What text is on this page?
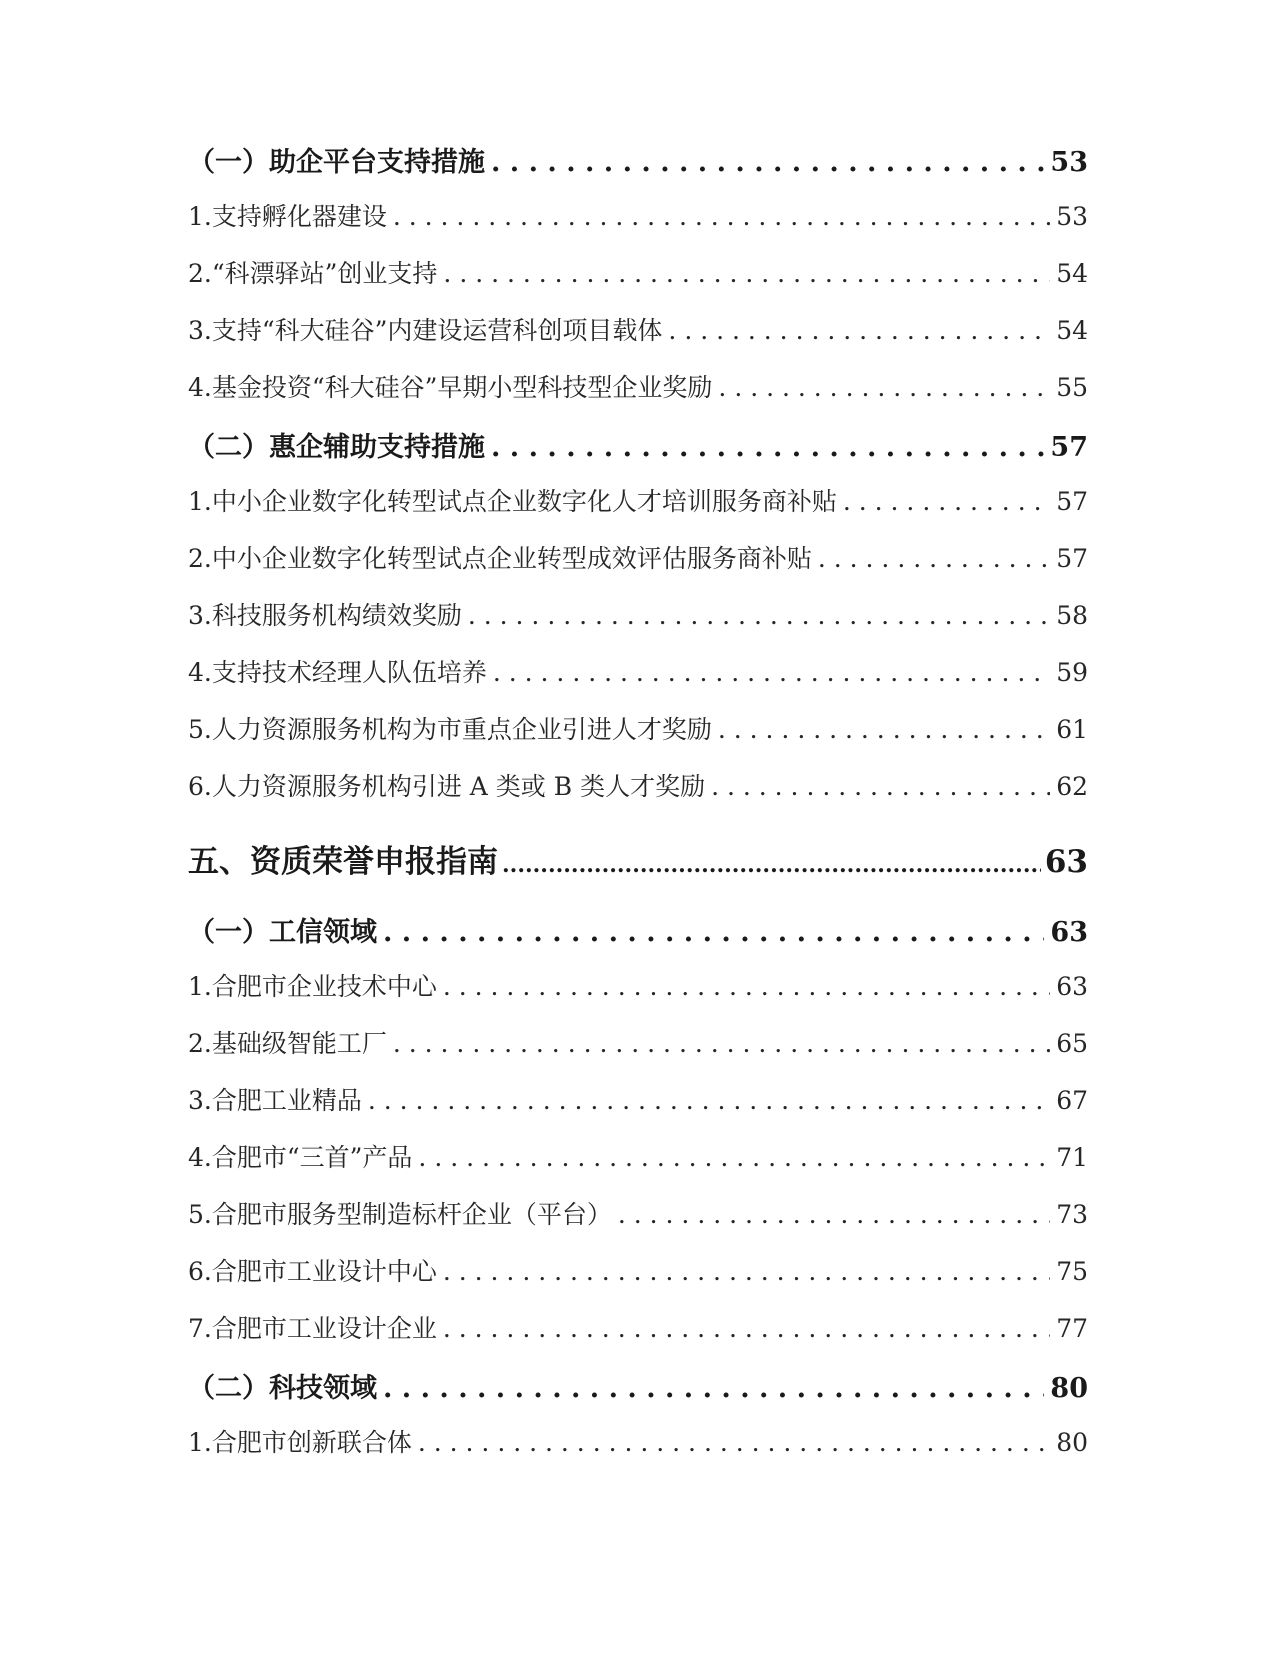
（一）助企平台支持措施 . . .	53
1.支持孵化器建设 . . .	53
2.“科漂驿站”创业支持 . . .	54
3.支持“科大硅谷”内建设运营科创项目载体 . . .	54
4.基金投资“科大硅谷”早期小型科技型企业奖励 . . .	55
（二）惠企辅助支持措施 . . .	57
1.中小企业数字化转型试点企业数字化人才培训服务商补贴 . . .	57
2.中小企业数字化转型试点企业转型成效评估服务商补贴 . . .	57
3.科技服务机构绩效奖励 . . .	58
4.支持技术经理人队伍培养 . . .	59
5.人力资源服务机构为市重点企业引进人才奖励 . . .	61
6.人力资源服务机构引进 A 类或 B 类人才奖励 . . .	62
五、资质荣誉申报指南 .....	63
（一）工信领域 . . .	63
1.合肥市企业技术中心 . . .	63
2.基础级智能工厂 . . .	65
3.合肥工业精品 . . .	67
4.合肥市“三首”产品 . . .	71
5.合肥市服务型制造标杆企业（平台） . . .	73
6.合肥市工业设计中心 . . .	75
7.合肥市工业设计企业 . . .	77
（二）科技领域 . . .	80
1.合肥市创新联合体 . . .	80
